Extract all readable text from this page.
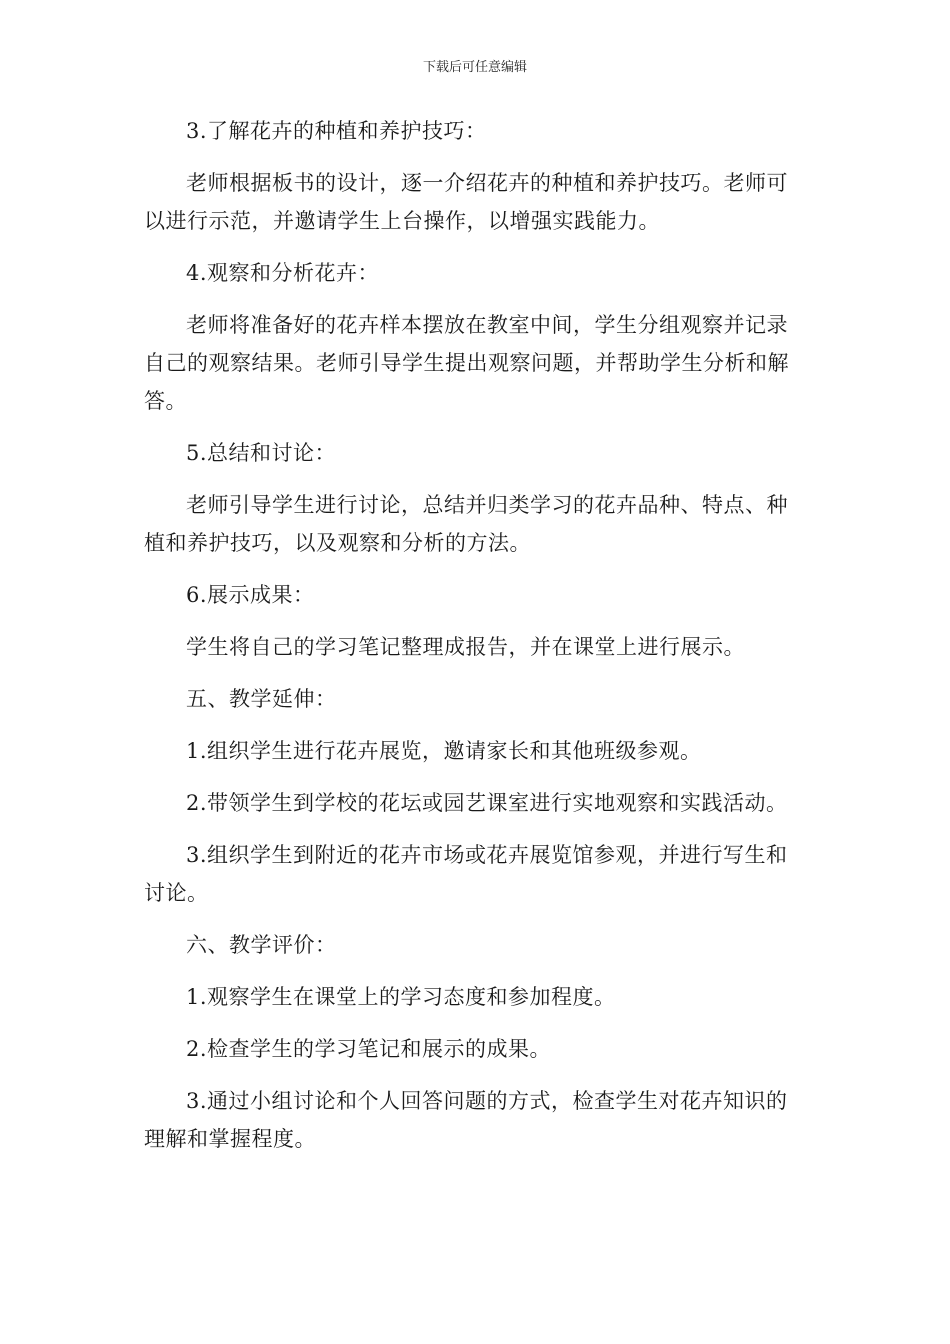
下载后可任意编辑

3.了解花卉的种植和养护技巧：

老师根据板书的设计，逐一介绍花卉的种植和养护技巧。老师可以进行示范，并邀请学生上台操作，以增强实践能力。

4.观察和分析花卉：

老师将准备好的花卉样本摆放在教室中间，学生分组观察并记录自己的观察结果。老师引导学生提出观察问题，并帮助学生分析和解答。

5.总结和讨论：

老师引导学生进行讨论，总结并归类学习的花卉品种、特点、种植和养护技巧，以及观察和分析的方法。

6.展示成果：

学生将自己的学习笔记整理成报告，并在课堂上进行展示。

五、教学延伸：

1.组织学生进行花卉展览，邀请家长和其他班级参观。

2.带领学生到学校的花坛或园艺课室进行实地观察和实践活动。

3.组织学生到附近的花卉市场或花卉展览馆参观，并进行写生和讨论。

六、教学评价：

1.观察学生在课堂上的学习态度和参加程度。

2.检查学生的学习笔记和展示的成果。

3.通过小组讨论和个人回答问题的方式，检查学生对花卉知识的理解和掌握程度。
